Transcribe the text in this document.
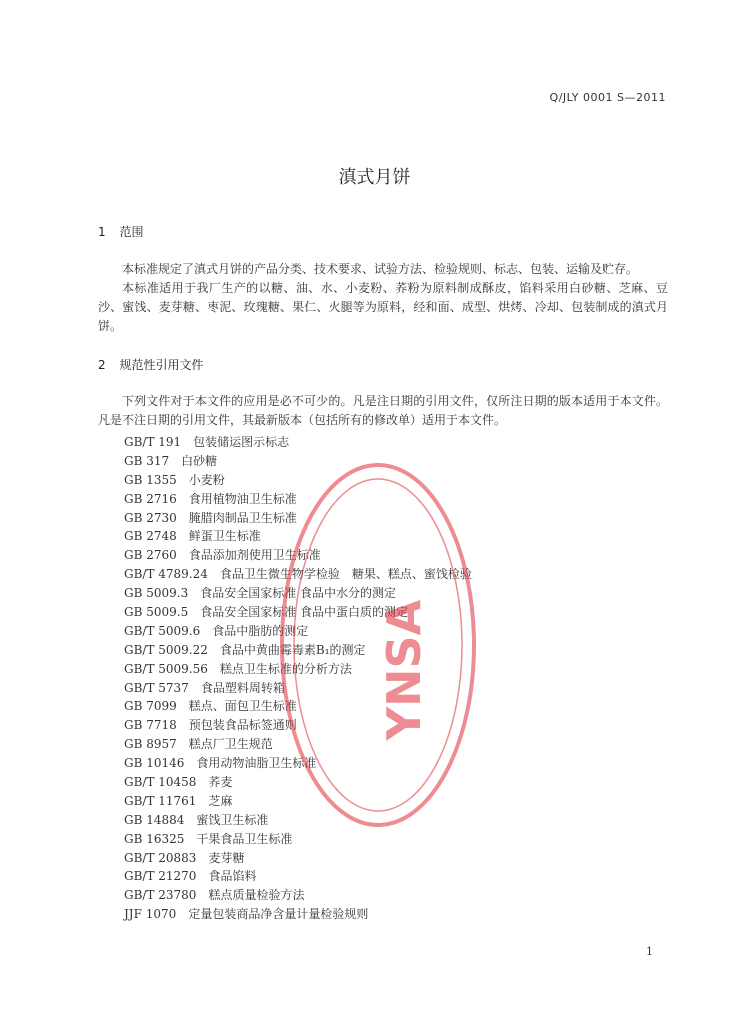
Q/JLY 0001 S—2011
滇式月饼
1 范围
本标准规定了滇式月饼的产品分类、技术要求、试验方法、检验规则、标志、包装、运输及贮存。
本标准适用于我厂生产的以糖、油、水、小麦粉、荞粉为原料制成酥皮，馅料采用白砂糖、芝麻、豆沙、蜜饯、麦芽糖、枣泥、玫瑰糖、果仁、火腿等为原料，经和面、成型、烘烤、冷却、包装制成的滇式月饼。
2 规范性引用文件
下列文件对于本文件的应用是必不可少的。凡是注日期的引用文件，仅所注日期的版本适用于本文件。凡是不注日期的引用文件，其最新版本（包括所有的修改单）适用于本文件。
GB/T 191 包装储运图示标志
GB 317 白砂糖
GB 1355 小麦粉
GB 2716 食用植物油卫生标准
GB 2730 腌腊肉制品卫生标准
GB 2748 鲜蛋卫生标准
GB 2760 食品添加剂使用卫生标准
GB/T 4789.24 食品卫生微生物学检验　糖果、糕点、蜜饯检验
GB 5009.3 食品安全国家标准 食品中水分的测定
GB 5009.5 食品安全国家标准 食品中蛋白质的测定
GB/T 5009.6 食品中脂肪的测定
GB/T 5009.22 食品中黄曲霉毒素B₁的测定
GB/T 5009.56 糕点卫生标准的分析方法
GB/T 5737 食品塑料周转箱
GB 7099 糕点、面包卫生标准
GB 7718 预包装食品标签通则
GB 8957 糕点厂卫生规范
GB 10146 食用动物油脂卫生标准
GB/T 10458 荞麦
GB/T 11761 芝麻
GB 14884 蜜饯卫生标准
GB 16325 干果食品卫生标准
GB/T 20883 麦芽糖
GB/T 21270 食品馅料
GB/T 23780 糕点质量检验方法
JJF 1070 定量包装商品净含量计量检验规则
YNSA
1
